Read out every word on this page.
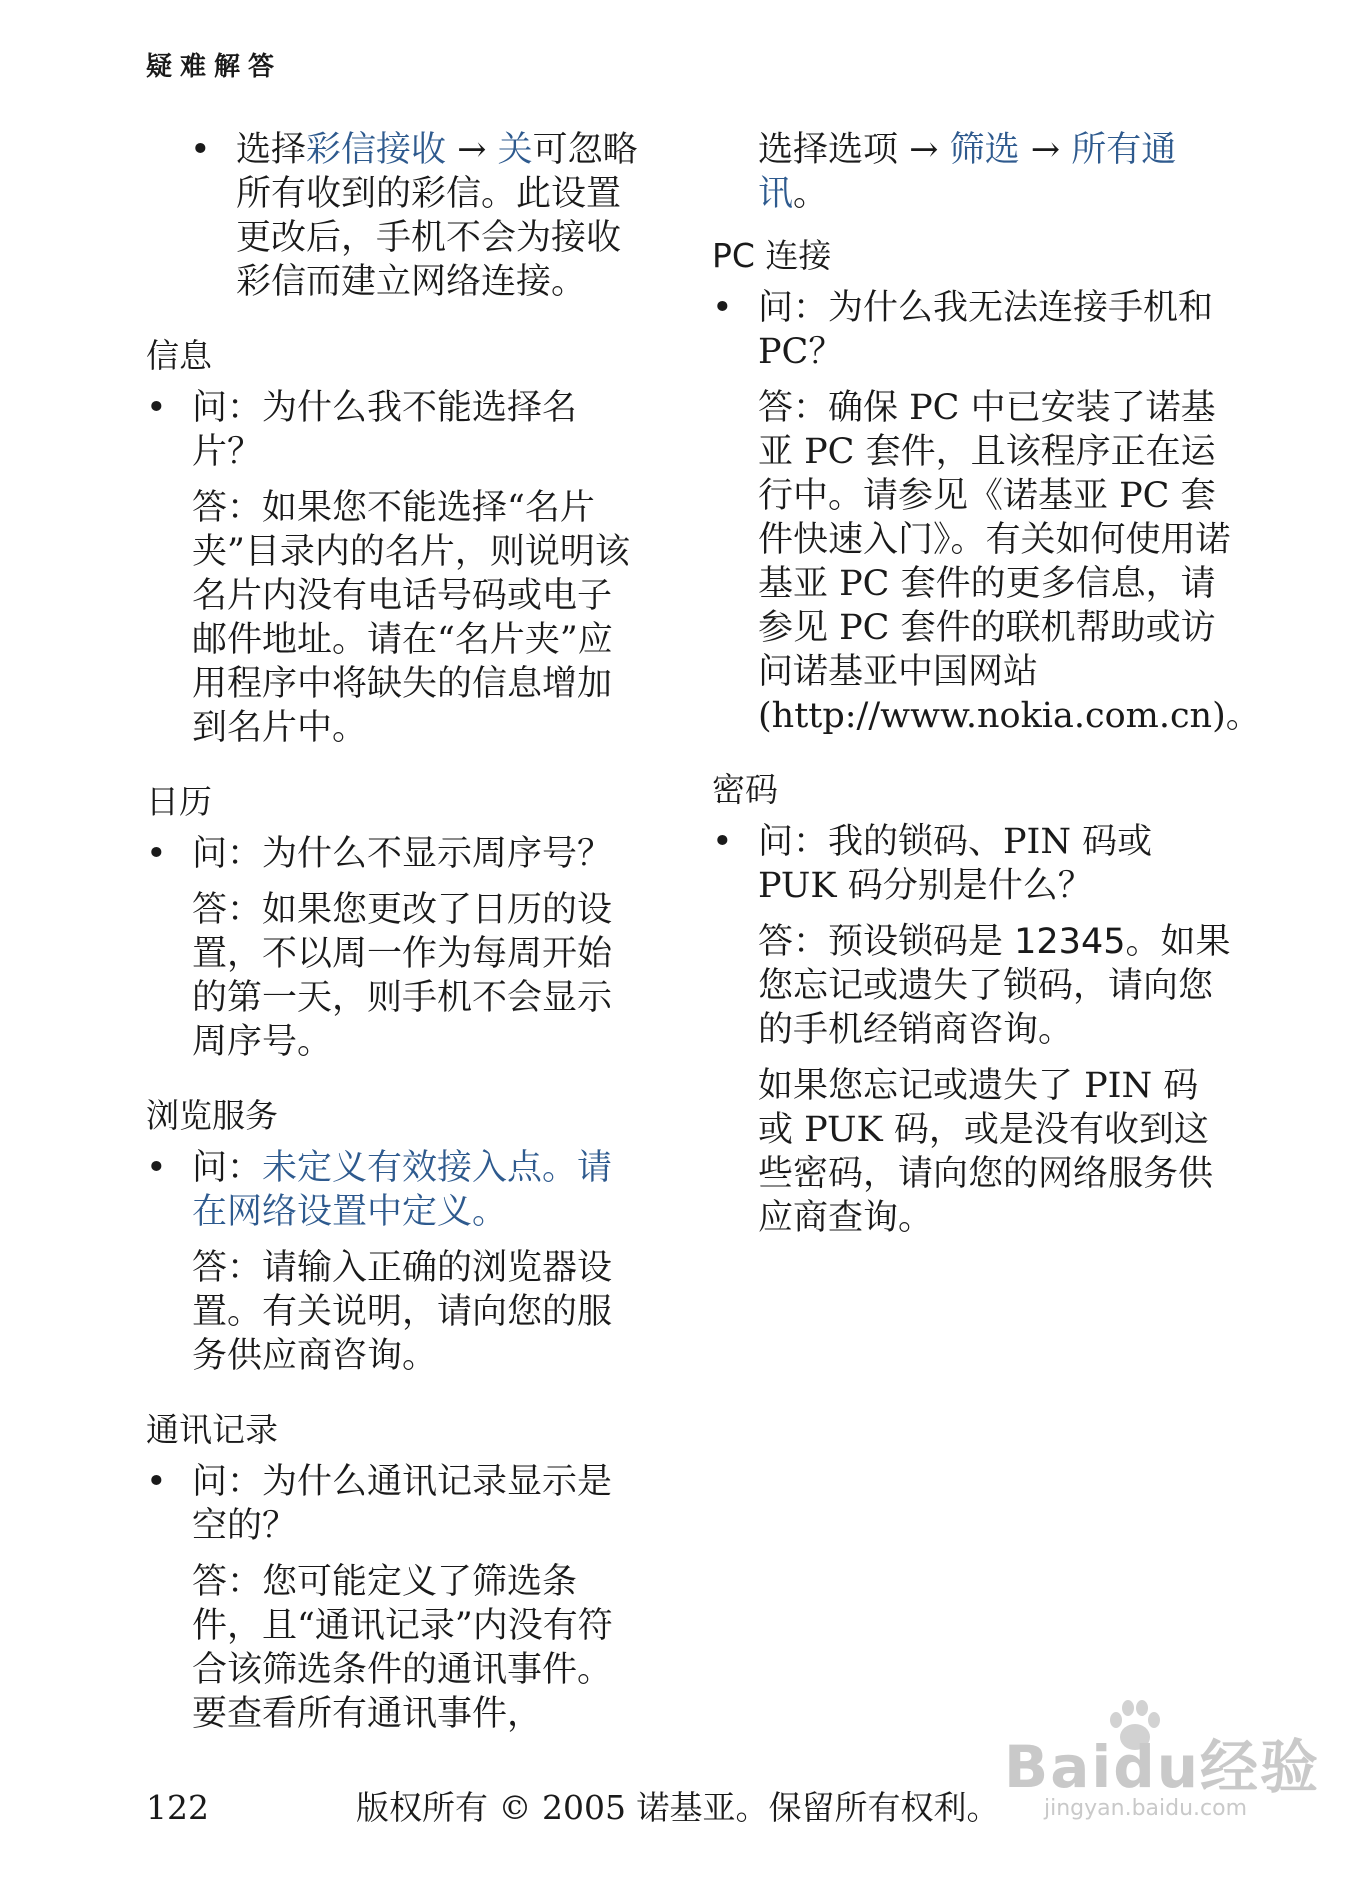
疑难解答
• 选择彩信接收 → 关可忽略所有收到的彩信。此设置更改后，手机不会为接收彩信而建立网络连接。
信息
• 问：为什么我不能选择名片？
答：如果您不能选择“名片夹”目录内的名片，则说明该名片内没有电话号码或电子邮件地址。请在“名片夹”应用程序中将缺失的信息增加到名片中。
日历
• 问：为什么不显示周序号？
答：如果您更改了日历的设置，不以周一作为每周开始的第一天，则手机不会显示周序号。
浏览服务
• 问：未定义有效接入点。请在网络设置中定义。
答：请输入正确的浏览器设置。有关说明，请向您的服务供应商咨询。
通讯记录
• 问：为什么通讯记录显示是空的？
答：您可能定义了筛选条件，且“通讯记录”内没有符合该筛选条件的通讯事件。要查看所有通讯事件，
选择选项 → 筛选 → 所有通讯。
PC 连接
• 问：为什么我无法连接手机和 PC？
答：确保 PC 中已安装了诺基亚 PC 套件，且该程序正在运行中。请参见《诺基亚 PC 套件快速入门》。有关如何使用诺基亚 PC 套件的更多信息，请参见 PC 套件的联机帮助或访问诺基亚中国网站 (http://www.nokia.com.cn)。
密码
• 问：我的锁码、PIN 码或 PUK 码分别是什么？
答：预设锁码是 12345。如果您忘记或遗失了锁码，请向您的手机经销商咨询。
如果您忘记或遗失了 PIN 码或 PUK 码，或是没有收到这些密码，请向您的网络服务供应商查询。
122	版权所有 © 2005 诺基亚。保留所有权利。
Baidu经验
jingyan.baidu.com
